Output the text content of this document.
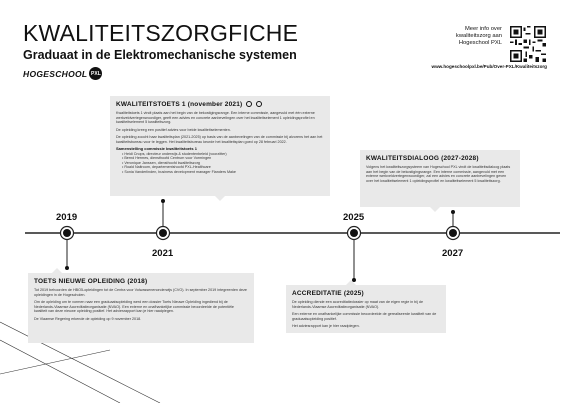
KWALITEITSZORGFICHE
Graduaat in de Elektromechanische systemen
HOGESCHOOL PXL
Meer info over
kwaliteitszorg aan
Hogeschool PXL
www.hogeschoolpxl.be/Pub/Over-PXL/Kwaliteitszorg
2019
2021
2025
2027
KWALITEITSTOETS 1 (november 2021)

Kwaliteitstoets 1 vindt plaats aan het begin van de bekostigingsrange. Een interne commissie, aangevuld met één externe werkveldvertegenwoordiger, geeft een advies en concrete aanbevelingen over het kwaliteitselement 1 opleidingsprofiel en kwaliteitselement 5 kwaliteitszorg.

De opleiding kreeg een positief advies voor beide kwaliteitselementen.

De opleiding zoocht haar kwaliteitsplan (2021-2025) op basis van de aanbevelingen van de commissie bij alvorens het aan het kwaliteitsbureau voor te leggen. Het kwaliteitsbureau keurde het kwaliteitsplan goed op 28 februari 2022.

Samenstelling commissie kwaliteitstoets 1
• Heidi Cnops, directeur onderwijs & studentenbeleid (voorzitter)
• Bernd Hermes, diensthoofd Centrum voor Vormingen
• Veronique Janssen, diensthoofd kwaliteitszorg
• Roald Naltroom, departementshoofd PXL-Healthcare
• Sonia Vanderlinden, business development manager Flanders Make
KWALITEITSDIALOOG (2027-2028)

Volgens het kwaliteitszorgsysteem van Hogeschool PXL vindt de kwaliteitsdialoog plaats aan het begin van de bekostigingsrange. Een interne commissie, aangevuld met een externe werkveldvertegenwoordiger, zal een advies en concrete aanbevelingen geven over het kwaliteitselement 1 opleidingsprofiel en kwaliteitselement 5 kwaliteitszorg.

TOETS NIEUWE OPLEIDING (2018)

Tot 2019 behoorden de HBO5-opleidingen tot de Centra voor Volwassenenonderwijs (CVO). In september 2019 integreerden deze opleidingen in de Hogescholen.

Om de opleiding om te vormen naar een graduaatsopleiding werd een dossier Toets Nieuwe Opleiding ingediend bij de Nederlands-Vlaamse Accreditatieorganisatie (NVAO). Een externe en onafhankelijke commissie beoordeelde de potentiële kwaliteit van deze nieuwe opleiding positief. Het adviesrapport kan je hier raadplegen.

De Vlaamse Regering erkende de opleiding op 9 november 2018.

ACCREDITATIE (2025)

De opleiding diende een accreditatiedossier op maat van de eigen regie in bij de Nederlands-Vlaamse Accreditatieorganisatie (NVAO).

Een externe en onafhankelijke commissie beoordeelde de gerealiseerde kwaliteit van de graduaatsopleiding positief.

Het adviesrapport kan je hier raadplegen.
